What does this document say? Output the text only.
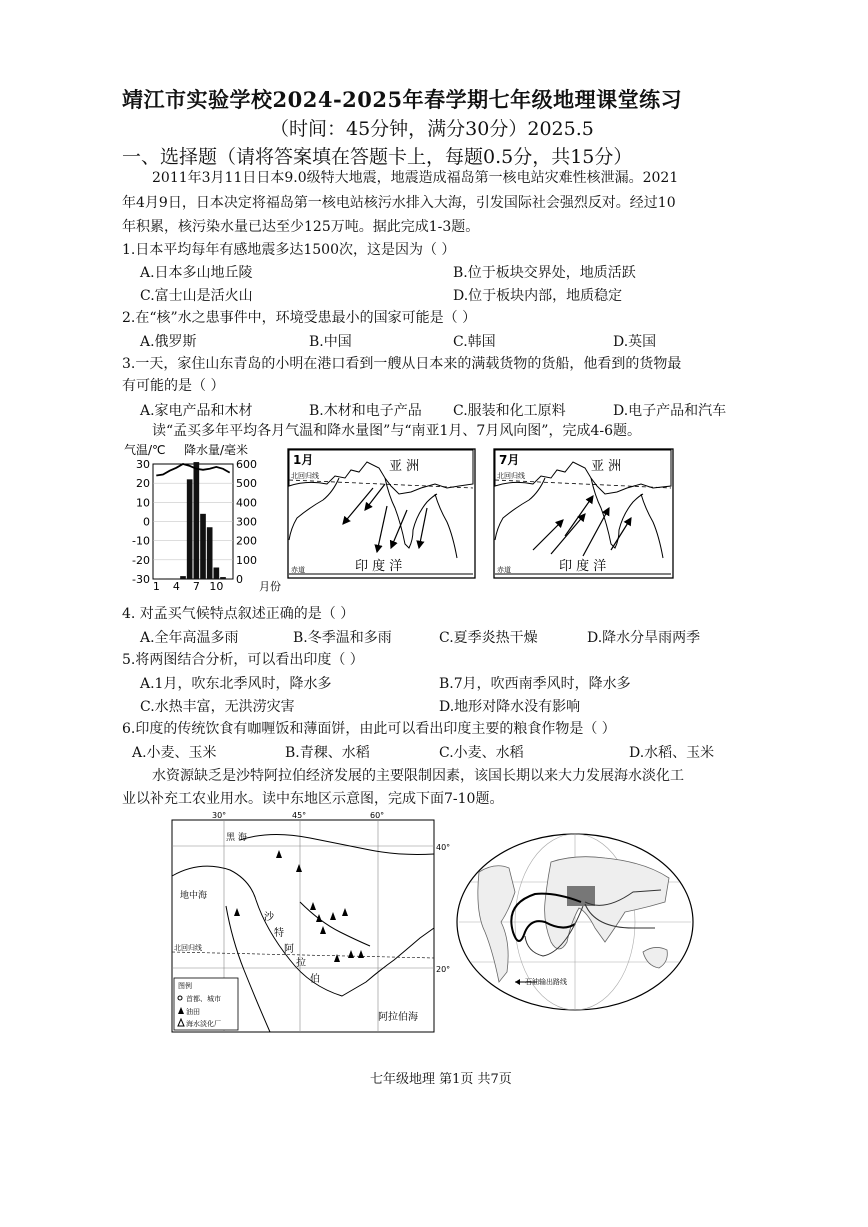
靖江市实验学校2024-2025年春学期七年级地理课堂练习
（时间：45分钟，满分30分）2025.5
一、选择题（请将答案填在答题卡上，每题0.5分，共15分）
2011年3月11日日本9.0级特大地震，地震造成福岛第一核电站灾难性核泄漏。2021
年4月9日，日本决定将福岛第一核电站核污水排入大海，引发国际社会强烈反对。经过10
年积累，核污染水量已达至少125万吨。据此完成1-3题。
1.日本平均每年有感地震多达1500次，这是因为（ ）
A.日本多山地丘陵	B.位于板块交界处，地质活跃
C.富士山是活火山	D.位于板块内部，地质稳定
2.在“核”水之患事件中，环境受患最小的国家可能是（ ）
A.俄罗斯	B.中国	C.韩国	D.英国
3.一天，家住山东青岛的小明在港口看到一艘从日本来的满载货物的货船，他看到的货物最
有可能的是（ ）
A.家电产品和木材	B.木材和电子产品 C.服装和化工原料	D.电子产品和汽车
读“孟买多年平均各月气温和降水量图”与“南亚1月、7月风向图”，完成4-6题。
气温/℃ 降水量/毫米
30
20
10
0
-10
-20
-30
600
500
400
300
200
100
0
1 4 7 10	月份
1月	亚 洲
北回归线
赤道	印 度 洋
7月	亚 洲
北回归线
赤道	印 度 洋
4. 对孟买气候特点叙述正确的是（ ）
A.全年高温多雨	B.冬季温和多雨	C.夏季炎热干燥	D.降水分旱雨两季
5.将两图结合分析，可以看出印度（ ）
A.1月，吹东北季风时，降水多	B.7月，吹西南季风时，降水多
C.水热丰富，无洪涝灾害	D.地形对降水没有影响
6.印度的传统饮食有咖喱饭和薄面饼，由此可以看出印度主要的粮食作物是（ ）
A.小麦、玉米	B.青稞、水稻	C.小麦、水稻	D.水稻、玉米
水资源缺乏是沙特阿拉伯经济发展的主要限制因素，该国长期以来大力发展海水淡化工
业以补充工农业用水。读中东地区示意图，完成下面7-10题。
30°	45°	60°
40°
20°
黑 海
地中海
沙
特
阿
拉
伯
阿拉伯海
北回归线
图例
首都、城市
油田
海水淡化厂
石油输出路线
七年级地理 第1页 共7页
